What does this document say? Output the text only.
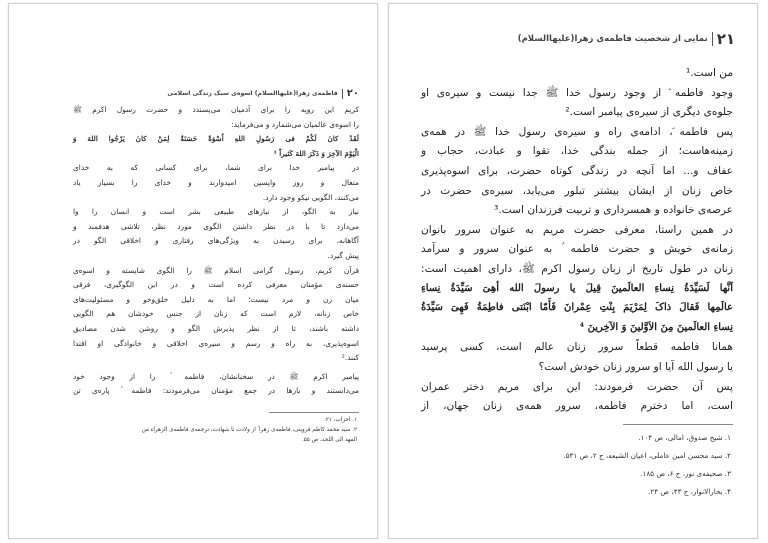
۲۱
نمایی از شخصیت فاطمه‌ی زهرا(علیهاالسلام)
من است.¹
وجود فاطمه ؑ از وجود رسول خدا ﷺ جدا نیست و سیره‌ی او
جلوه‌ی دیگری از سیره‌ی پیامبر است.²
پس فاطمه ؑ، ادامه‌ی راه و سیره‌ی رسول خدا ﷺ در همه‌ی
زمینه‌هاست؛ از جمله بندگی خدا، تقوا و عبادت، حجاب و
عفاف و... اما آنچه در زندگی کوتاه حضرت، برای اسوه‌پذیری
خاص زنان از ایشان بیشتر تبلور می‌یابد، سیره‌ی حضرت در
عرصه‌ی خانواده و همسرداری و تربیت فرزندان است.³
در همین راستا، معرفی حضرت مریم به عنوان سرور بانوان
زمانه‌ی خویش و حضرت فاطمه ؑ به عنوان سرور و سرآمد
زنان در طول تاریخ از زبان رسول اکرم ﷺ، دارای اهمیت است:
اَنَّها لَسَیِّدَةُ نِساءِ العالَمینَ قِیلَ یا رسولَ الله أهِیَ سَیِّدَةُ نِساءِ
عالَمِها فَقالَ ذاکَ لِمَرْیَمَ بِنْتِ عِمْرانَ فَأَمّا ابْنَتی فاطِمَةُ فَهِیَ سَیِّدَةُ
نِساءِ العالَمینَ مِنَ الاَوَّلینَ وَ الآخِرینَ ⁴
همانا فاطمه قطعاً سرور زنان عالم است، کسی پرسید
یا رسول الله آیا او سرور زنان خودش است؟
پس آن حضرت فرمودند: این برای مریم دختر عمران
است، اما دخترم فاطمه، سرور همه‌ی زنان جهان، از
۱. شیخ صدوق، امالی، ص ۱۰۴.
۲. سید محسن امین عاملی، اعیان الشیعه، ج ۲، ص ۵۴۱.
۳. صحیفه‌ی نور، ج ۶، ص ۱۸۵.
۴. بحارالانوار، ج ۴۳، ص ۲۴.
۲۰
فاطمه‌ی زهرا(علیهاالسلام) اسوه‌ی سبک زندگی اسلامی
کریم این رویه را برای آدمیان می‌پسندد و حضرت رسول اکرم ﷺ
را اسوه‌ی عالمیان می‌شمارد و می‌فرماید:
لَقَدْ کانَ لَکُمْ فی رَسُولِ اللهِ اُسْوَةٌ حَسَنَةٌ لِمَنْ کانَ یَرْجُوا اللهَ وَ
الْیَوْمَ الآخِرَ وَ ذَکَرَ اللهَ کَثیراً ¹
در پیامبر خدا برای شما، برای کسانی که به خدای
متعال و روز واپسین امیدوارند و خدای را بسیار یاد
می‌کنند، الگویی نیکو وجود دارد.
نیاز به الگو، از نیازهای طبیعی بشر است و انسان را وا
می‌دارد تا با در نظر داشتن الگوی مورد نظر، تلاشی هدفمند و
آگاهانه، برای رسیدن به ویژگی‌های رفتاری و اخلاقی الگو در
پیش گیرد.
قرآن کریم، رسول گرامی اسلام ﷺ را الگوی شایسته و اسوه‌ی
حسنه‌ی مؤمنان معرفی کرده است و در این الگوگیری، فرقی
میان زن و مرد نیست؛ اما به دلیل خلق‌وخو و مسئولیت‌های
خاص زنانه، لازم است که زنان از جنس خودشان هم الگویی
داشته باشند، تا از نظر پذیرش الگو و روشن شدن مصادیق
اسوه‌پذیری، به راه و رسم و سیره‌ی اخلاقی و خانوادگی او اقتدا
کنند.²
پیامبر اکرم ﷺ در سخنانشان، فاطمه ؑ را از وجود خود
می‌دانستند و بارها در جمع مؤمنان می‌فرمودند: فاطمه ؑ پاره‌ی تن
۱. احزاب، ۲۱.
۲. سید محمد کاظم قزوینی، فاطمه‌ی زهرا ؑ از ولادت تا شهادت، ترجمه‌ی فاطمه‌ی الزهراء من
المهد الی اللحد، ص ۵۵.
